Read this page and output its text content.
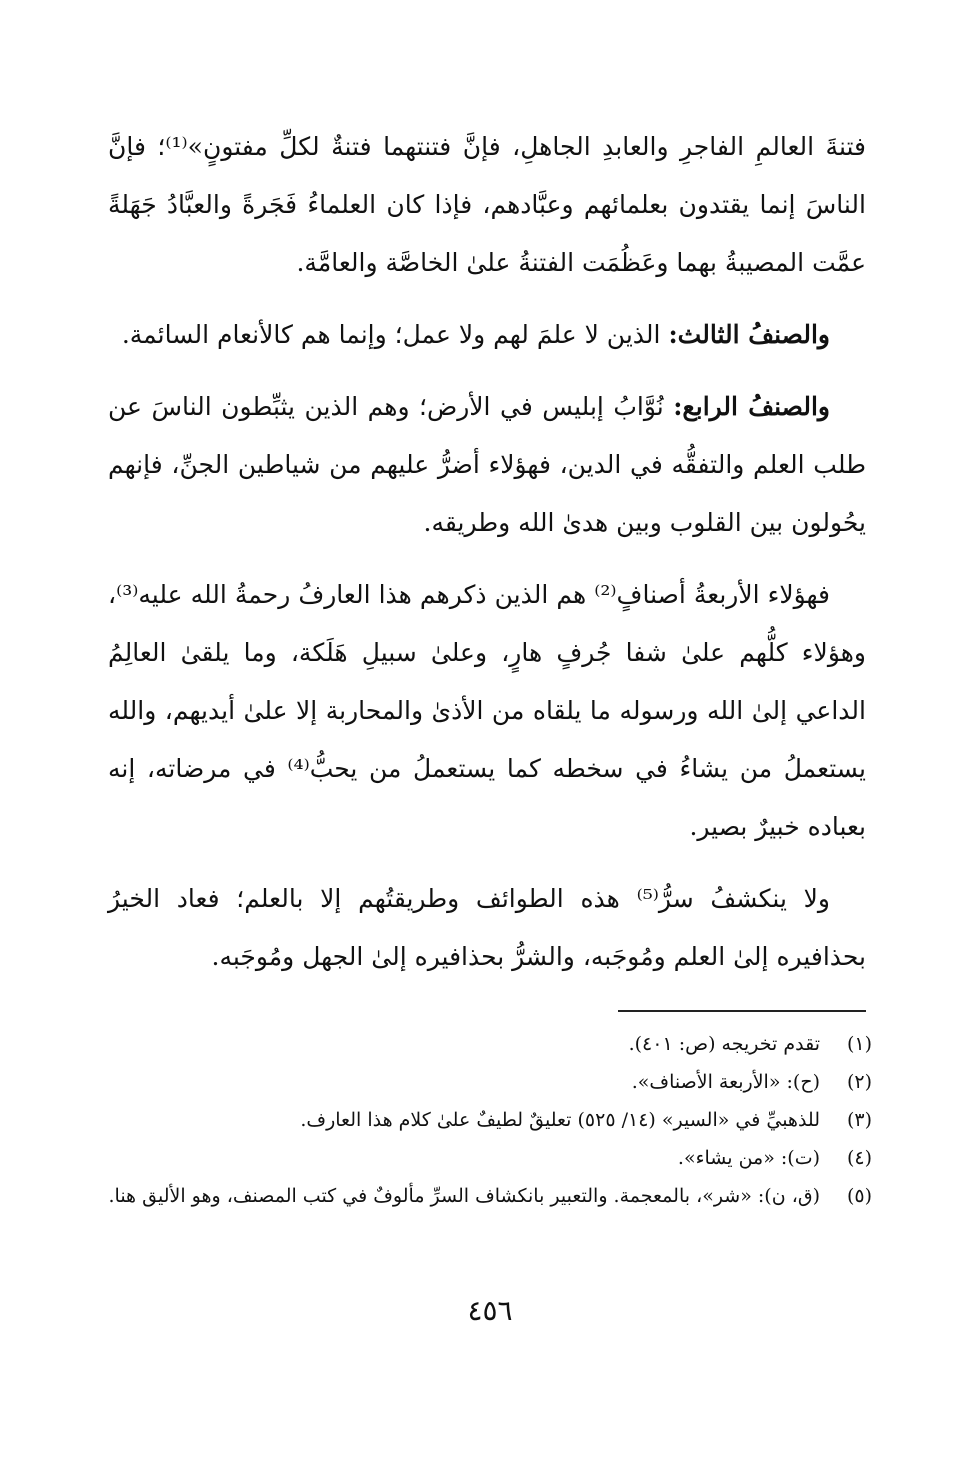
فتنةَ العالمِ الفاجرِ والعابدِ الجاهلِ، فإنَّ فتنتهما فتنةٌ لكلِّ مفتونٍ»⁽¹⁾؛ فإنَّ الناسَ إنما يقتدون بعلمائهم وعبَّادهم، فإذا كان العلماءُ فَجَرةً والعبَّادُ جَهَلةً عمَّت المصيبةُ بهما وعَظُمَت الفتنةُ علىٰ الخاصَّة والعامَّة.

والصنفُ الثالث: الذين لا علمَ لهم ولا عمل؛ وإنما هم كالأنعام السائمة.

والصنفُ الرابع: نُوَّابُ إبليس في الأرض؛ وهم الذين يثبِّطون الناسَ عن طلب العلم والتفقُّه في الدين، فهؤلاء أضرُّ عليهم من شياطين الجنِّ، فإنهم يحُولون بين القلوب وبين هدىٰ الله وطريقه.

فهؤلاء الأربعةُ أصنافٍ⁽²⁾ هم الذين ذكرهم هذا العارفُ رحمةُ الله عليه⁽³⁾، وهؤلاء كلُّهم علىٰ شفا جُرفٍ هارٍ، وعلىٰ سبيلِ هَلَكة، وما يلقىٰ العالِمُ الداعي إلىٰ الله ورسوله ما يلقاه من الأذىٰ والمحاربة إلا علىٰ أيديهم، والله يستعملُ من يشاءُ في سخطه كما يستعملُ من يحبُّ⁽⁴⁾ في مرضاته، إنه بعباده خبيرٌ بصير.

ولا ينكشفُ سرُّ⁽⁵⁾ هذه الطوائف وطريقتُهم إلا بالعلم؛ فعاد الخيرُ بحذافيره إلىٰ العلم ومُوجَبه، والشرُّ بحذافيره إلىٰ الجهل ومُوجَبه.

(١)
تقدم تخريجه (ص: ٤٠١).
(٢)
(ح): «الأربعة الأصناف».
(٣)
للذهبيِّ في «السير» (١٤/ ٥٢٥) تعليقٌ لطيفٌ علىٰ كلام هذا العارف.
(٤)
(ت): «من يشاء».
(٥)
(ق، ن): «شر»، بالمعجمة. والتعبير بانكشاف السرِّ مألوفٌ في كتب المصنف، وهو الأليق هنا.
٤٥٦
